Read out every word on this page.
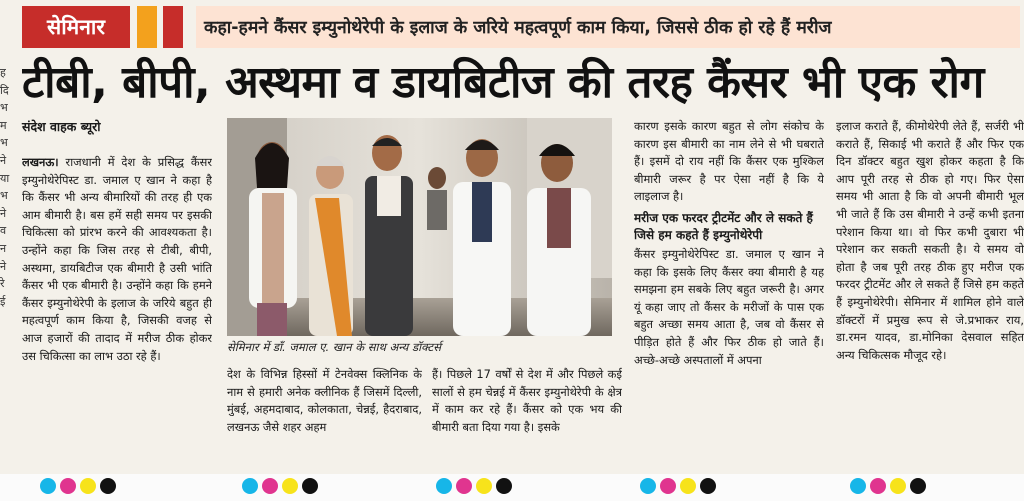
सेमिनार	कहा-हमने कैंसर इम्युनोथेरेपी के इलाज के जरिये महत्वपूर्ण काम किया, जिससे ठीक हो रहे हैं मरीज
टीबी, बीपी, अस्थमा व डायबिटीज की तरह कैंसर भी एक रोग
संदेश वाहक ब्यूरो
ह दि भ म भ ने या भ ने व न ने रे ई

लखनऊ। राजधानी में देश के प्रसिद्ध कैंसर इम्युनोथेरेपिस्ट डा. जमाल ए खान ने कहा है कि कैंसर भी अन्य बीमारियों की तरह ही एक आम बीमारी है। बस हमें सही समय पर इसकी चिकित्सा को प्रांरभ करने की आवश्यकता है। उन्होंने कहा कि जिस तरह से टीबी, बीपी, अस्थमा, डायबिटीज एक बीमारी है उसी भांति कैंसर भी एक बीमारी है। उन्होंने कहा कि हमने कैंसर इम्युनोथेरेपी के इलाज के जरिये बहुत ही महत्वपूर्ण काम किया है, जिसकी वजह से आज हजारों की तादाद में मरीज ठीक होकर उस चिकित्सा का लाभ उठा रहे हैं।

सेमिनार में डॉं. जमाल ए. खान के साथ अन्य डॉक्टर्स

देश के विभिन्न हिस्सों में टेनवेक्स क्लिनिक के नाम से हमारी अनेक क्लीनिक हैं जिसमें दिल्ली, मुंबई, अहमदाबाद, कोलकाता, चेन्नई, हैदराबाद, लखनऊ जैसे शहर अहम

हैं। पिछले 17 वर्षों से देश में और पिछले कई सालों से हम चेन्नई में कैंसर इम्युनोथेरेपी के क्षेत्र में काम कर रहे हैं। कैंसर को एक भय की बीमारी बता दिया गया है। इसके

कारण इसके कारण बहुत से लोग संकोच के कारण इस बीमारी का नाम लेने से भी घबराते हैं। इसमें दो राय नहीं कि कैंसर एक मुश्किल बीमारी जरूर है पर ऐसा नहीं है कि ये लाइलाज है।

मरीज एक फरदर ट्रीटमेंट और ले सकते हैं जिसे हम कहते हैं इम्युनोथेरेपी

कैंसर इम्युनोथेरेपिस्ट डा. जमाल ए खान ने कहा कि इसके लिए कैंसर क्या बीमारी है यह समझना हम सबके लिए बहुत जरूरी है। अगर यूं कहा जाए तो कैंसर के मरीजों के पास एक बहुत अच्छा समय आता है, जब वो कैंसर से पीड़ित होते हैं और फिर ठीक हो जाते हैं। अच्छे-अच्छे अस्पतालों में अपना

इलाज कराते हैं, कीमोथेरेपी लेते हैं, सर्जरी भी कराते हैं, सिकाई भी कराते हैं और फिर एक दिन डॉक्टर बहुत खुश होकर कहता है कि आप पूरी तरह से ठीक हो गए। फिर ऐसा समय भी आता है कि वो अपनी बीमारी भूल भी जाते हैं कि उस बीमारी ने उन्हें कभी इतना परेशान किया था। वो फिर कभी दुबारा भी परेशान कर सकती सकती है। ये समय वो होता है जब पूरी तरह ठीक हुए मरीज एक फरदर ट्रीटमेंट और ले सकते हैं जिसे हम कहते हैं इम्युनोथेरेपी। सेमिनार में शामिल होने वाले डॉक्टरों में प्रमुख रूप से जे.प्रभाकर राय, डा.रमन यादव, डा.मोनिका देसवाल सहित अन्य चिकित्सक मौजूद रहे।
